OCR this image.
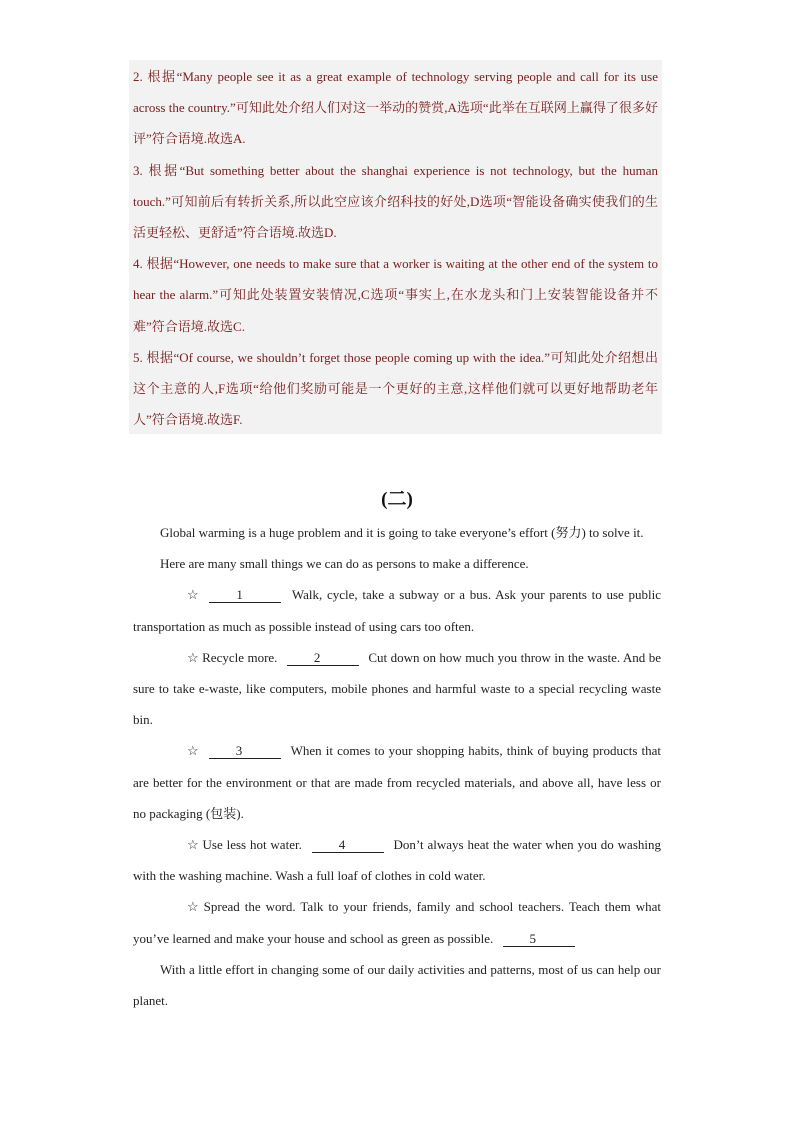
2. 根据“Many people see it as a great example of technology serving people and call for its use across the country.”可知此处介绍人们对这一举动的赞赏,A选项“此举在互联网上赢得了很多好评”符合语境.故选A.

3. 根据“But something better about the shanghai experience is not technology, but the human touch.”可知前后有转折关系,所以此空应该介绍科技的好处,D选项“智能设备确实使我们的生活更轻松、更舒适”符合语境.故选D.

4. 根据“However, one needs to make sure that a worker is waiting at the other end of the system to hear the alarm.”可知此处装置安装情况,C选项“事实上,在水龙头和门上安装智能设备并不难”符合语境.故选C.

5. 根据“Of course, we shouldn’t forget those people coming up with the idea.”可知此处介绍想出这个主意的人,F选项“给他们奖励可能是一个更好的主意,这样他们就可以更好地帮助老年人”符合语境.故选F.

(二)

Global warming is a huge problem and it is going to take everyone’s effort (努力) to solve it.

Here are many small things we can do as persons to make a difference.

☆	1	Walk, cycle, take a subway or a bus. Ask your parents to use public transportation as much as possible instead of using cars too often.

☆ Recycle more.	2	Cut down on how much you throw in the waste. And be sure to take e-waste, like computers, mobile phones and harmful waste to a special recycling waste bin.

☆	3	When it comes to your shopping habits, think of buying products that are better for the environment or that are made from recycled materials, and above all, have less or no packaging (包装).

☆ Use less hot water.	4	Don’t always heat the water when you do washing with the washing machine. Wash a full loaf of clothes in cold water.

☆ Spread the word. Talk to your friends, family and school teachers. Teach them what you’ve learned and make your house and school as green as possible.	5

With a little effort in changing some of our daily activities and patterns, most of us can help our planet.
